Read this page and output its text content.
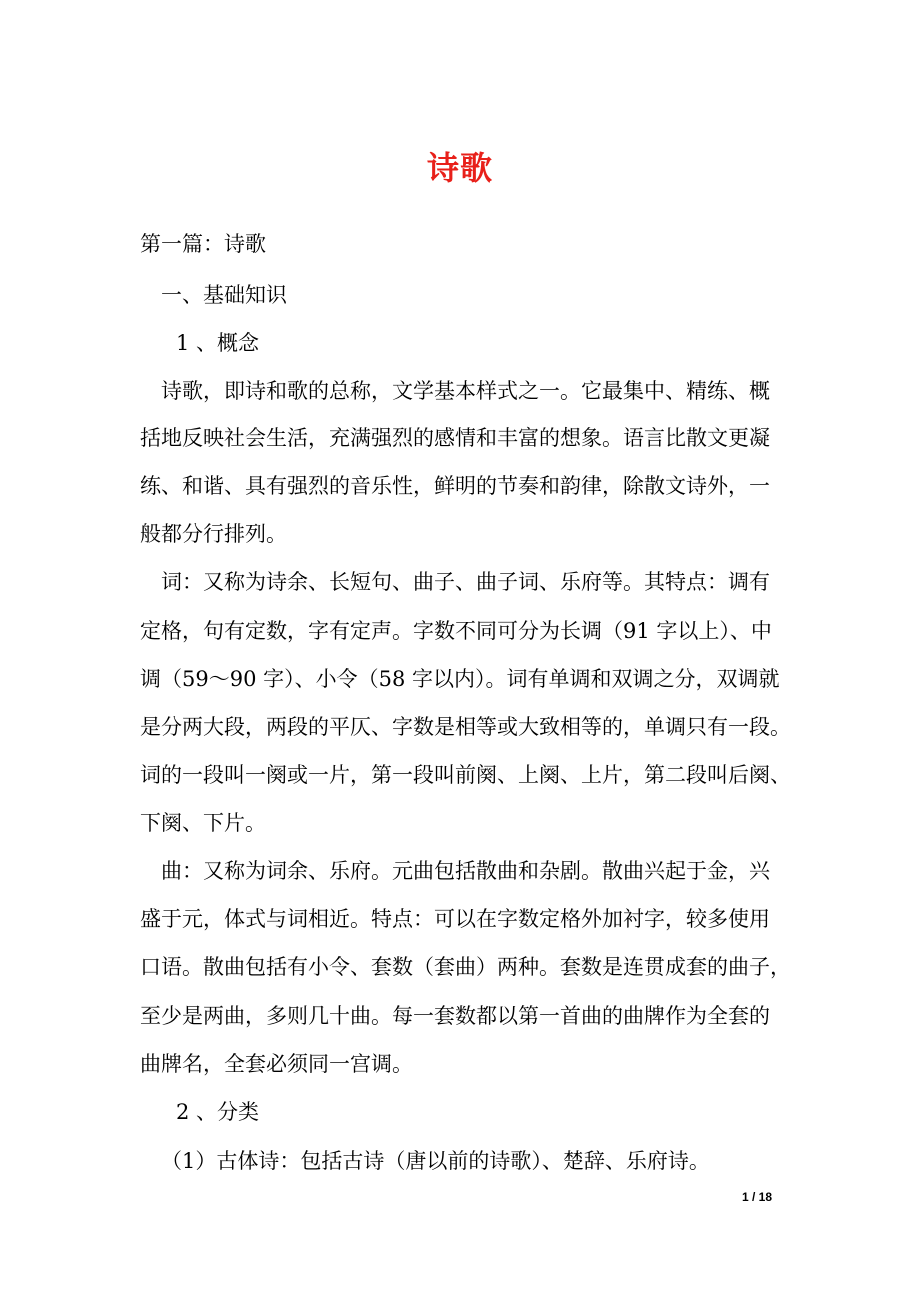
诗歌
第一篇：诗歌
一、基础知识
1 、概念
诗歌，即诗和歌的总称，文学基本样式之一。它最集中、精练、概
括地反映社会生活，充满强烈的感情和丰富的想象。语言比散文更凝
练、和谐、具有强烈的音乐性，鲜明的节奏和韵律，除散文诗外，一
般都分行排列。
词：又称为诗余、长短句、曲子、曲子词、乐府等。其特点：调有
定格，句有定数，字有定声。字数不同可分为长调（91 字以上）、中
调（59～90 字）、小令（58 字以内）。词有单调和双调之分，双调就
是分两大段，两段的平仄、字数是相等或大致相等的，单调只有一段。
词的一段叫一阕或一片，第一段叫前阕、上阕、上片，第二段叫后阕、
下阕、下片。
曲：又称为词余、乐府。元曲包括散曲和杂剧。散曲兴起于金，兴
盛于元，体式与词相近。特点：可以在字数定格外加衬字，较多使用
口语。散曲包括有小令、套数（套曲）两种。套数是连贯成套的曲子，
至少是两曲，多则几十曲。每一套数都以第一首曲的曲牌作为全套的
曲牌名，全套必须同一宫调。
2 、分类
（1）古体诗：包括古诗（唐以前的诗歌）、楚辞、乐府诗。
1 / 18
